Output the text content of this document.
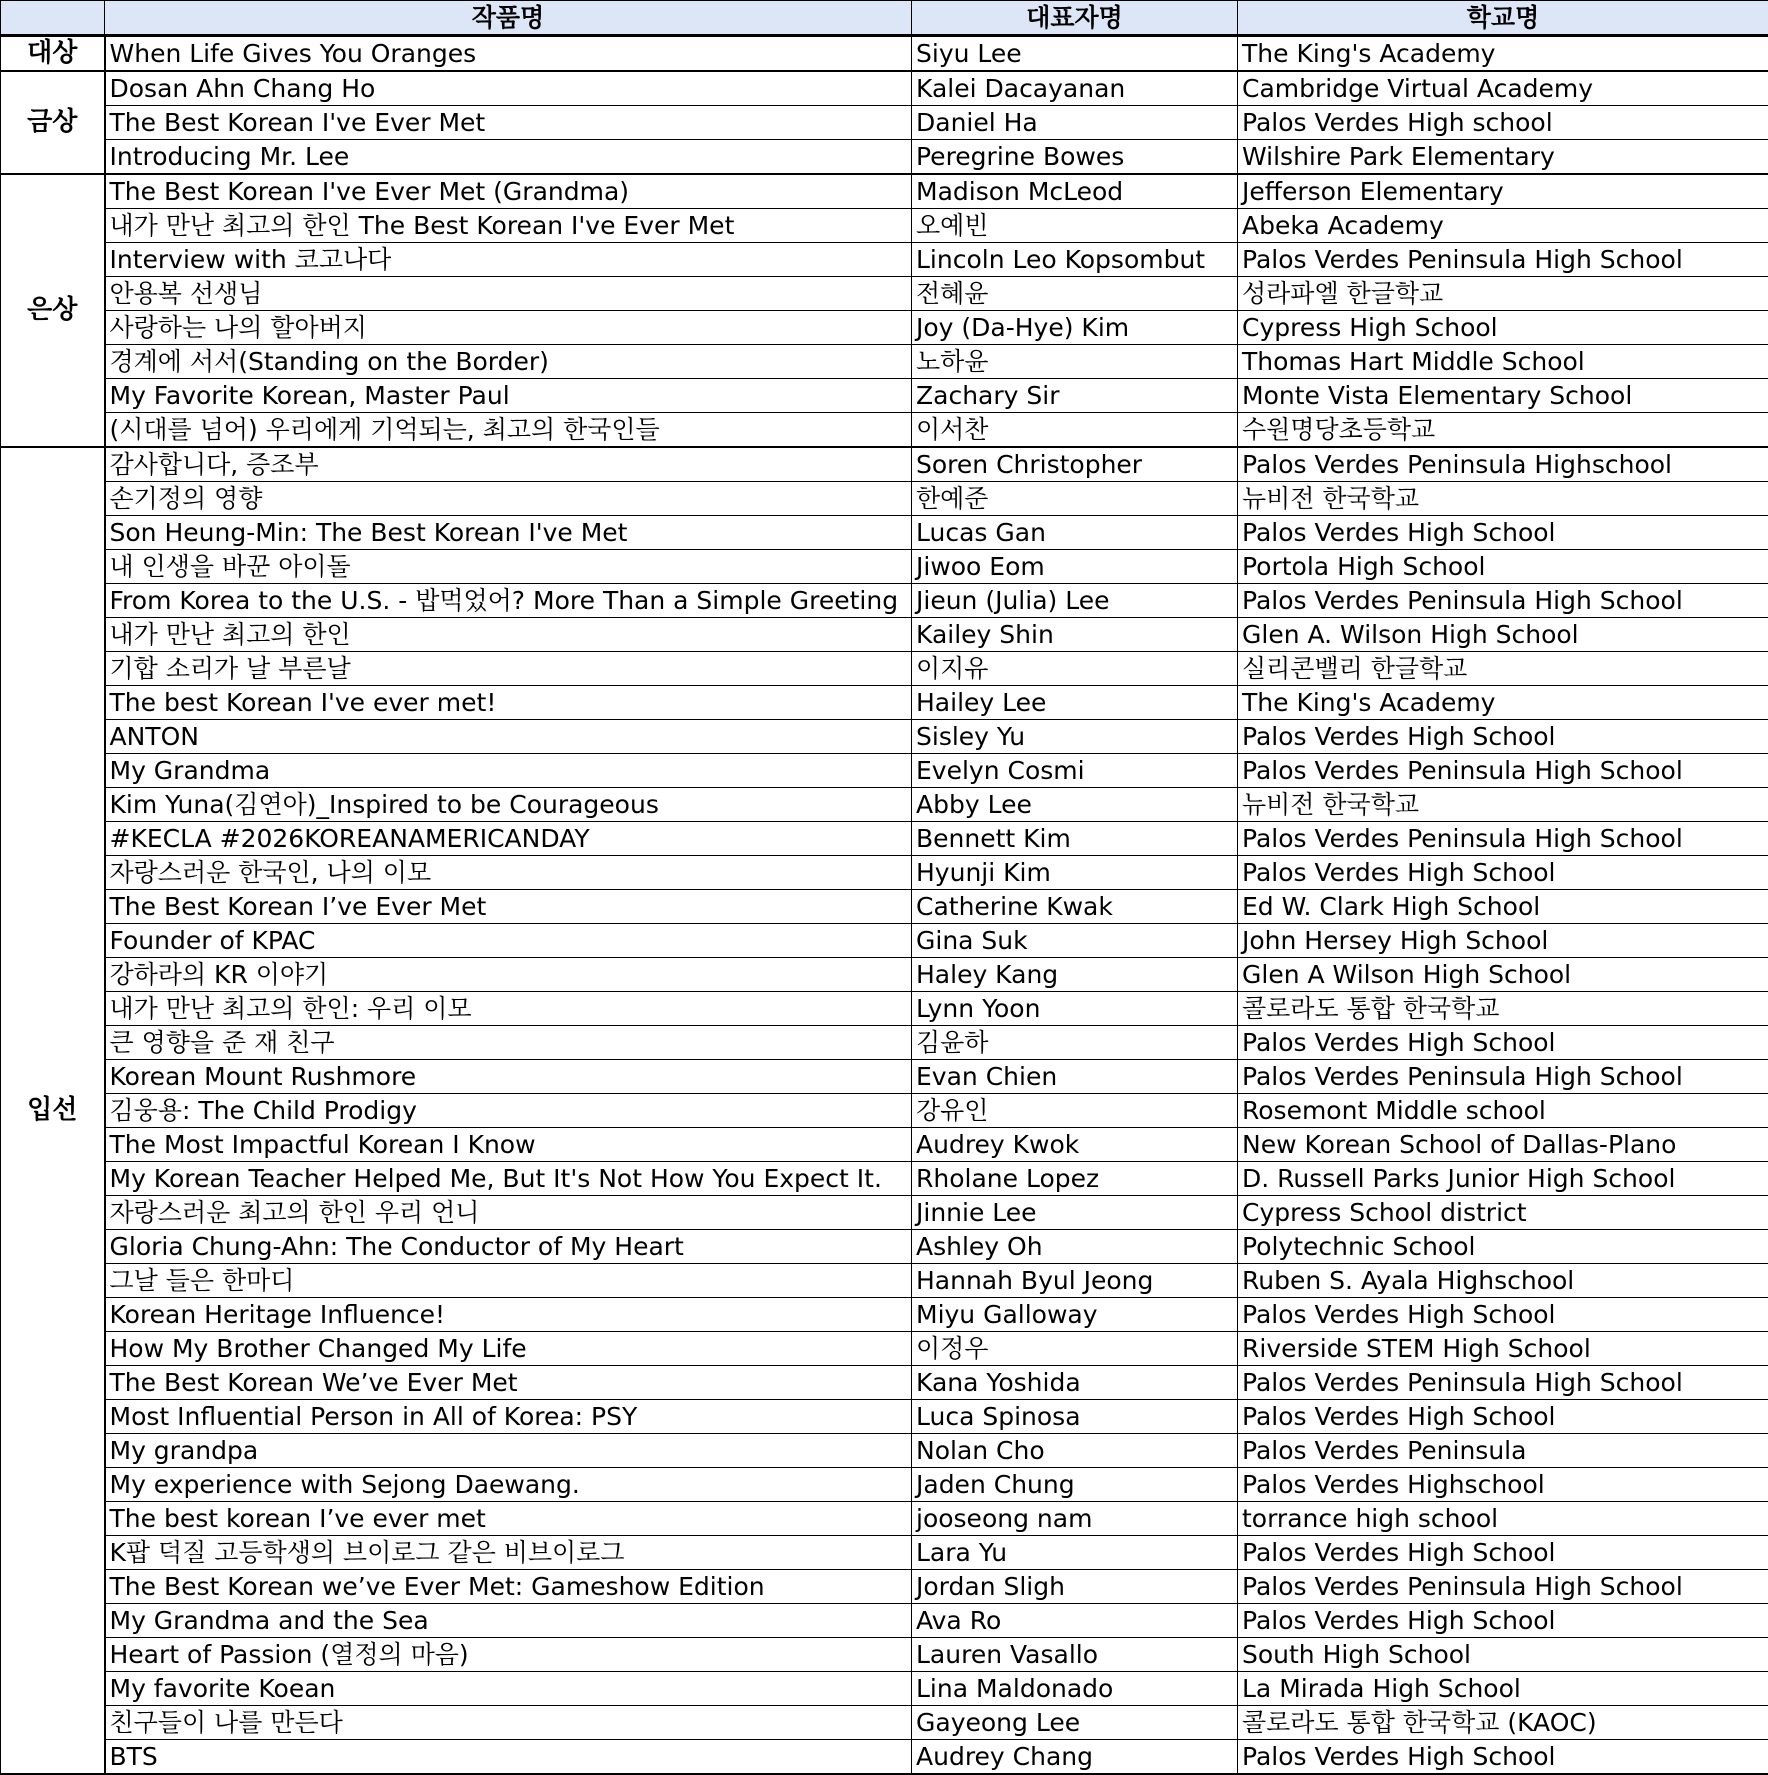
	작품명	대표자명	학교명
대상	When Life Gives You Oranges	Siyu Lee	The King's Academy
금상	Dosan Ahn Chang Ho	Kalei Dacayanan	Cambridge Virtual Academy
	The Best Korean I've Ever Met	Daniel Ha	Palos Verdes High school
	Introducing Mr. Lee	Peregrine Bowes	Wilshire Park Elementary
은상	The Best Korean I've Ever Met (Grandma)	Madison McLeod	Jefferson Elementary
	내가 만난 최고의 한인 The Best Korean I've Ever Met	오예빈	Abeka Academy
	Interview with 코고나다	Lincoln Leo Kopsombut	Palos Verdes Peninsula High School
	안용복 선생님	전혜윤	성라파엘 한글학교
	사랑하는 나의 할아버지	Joy (Da-Hye) Kim	Cypress High School
	경계에 서서(Standing on the Border)	노하윤	Thomas Hart Middle School
	My Favorite Korean, Master Paul	Zachary Sir	Monte Vista Elementary School
	(시대를 넘어) 우리에게 기억되는, 최고의 한국인들	이서찬	수원명당초등학교
입선	감사합니다, 증조부	Soren Christopher	Palos Verdes Peninsula Highschool
	손기정의 영향	한예준	뉴비전 한국학교
	Son Heung-Min: The Best Korean I've Met	Lucas Gan	Palos Verdes High School
	내 인생을 바꾼 아이돌	Jiwoo Eom	Portola High School
	From Korea to the U.S. - 밥먹었어? More Than a Simple Greeting	Jieun (Julia) Lee	Palos Verdes Peninsula High School
	내가 만난 최고의 한인	Kailey Shin	Glen A. Wilson High School
	기합 소리가 날 부른날	이지유	실리콘밸리 한글학교
	The best Korean I've ever met!	Hailey Lee	The King's Academy
	ANTON	Sisley Yu	Palos Verdes High School
	My Grandma	Evelyn Cosmi	Palos Verdes Peninsula High School
	Kim Yuna(김연아)_Inspired to be Courageous	Abby Lee	뉴비전 한국학교
	#KECLA #2026KOREANAMERICANDAY	Bennett Kim	Palos Verdes Peninsula High School
	자랑스러운 한국인, 나의 이모	Hyunji Kim	Palos Verdes High School
	The Best Korean I’ve Ever Met	Catherine Kwak	Ed W. Clark High School
	Founder of KPAC	Gina Suk	John Hersey High School
	강하라의 KR 이야기	Haley Kang	Glen A Wilson High School
	내가 만난 최고의 한인: 우리 이모	Lynn Yoon	콜로라도 통합 한국학교
	큰 영향을 준 재 친구	김윤하	Palos Verdes High School
	Korean Mount Rushmore	Evan Chien	Palos Verdes Peninsula High School
	김웅용: The Child Prodigy	강유인	Rosemont Middle school
	The Most Impactful Korean I Know	Audrey Kwok	New Korean School of Dallas-Plano
	My Korean Teacher Helped Me, But It's Not How You Expect It.	Rholane Lopez	D. Russell Parks Junior High School
	자랑스러운 최고의 한인 우리 언니	Jinnie Lee	Cypress School district
	Gloria Chung-Ahn: The Conductor of My Heart	Ashley Oh	Polytechnic School
	그날 들은 한마디	Hannah Byul Jeong	Ruben S. Ayala Highschool
	Korean Heritage Influence!	Miyu Galloway	Palos Verdes High School
	How My Brother Changed My Life	이정우	Riverside STEM High School
	The Best Korean We’ve Ever Met	Kana Yoshida	Palos Verdes Peninsula High School
	Most Influential Person in All of Korea: PSY	Luca Spinosa	Palos Verdes High School
	My grandpa	Nolan Cho	Palos Verdes Peninsula
	My experience with Sejong Daewang.	Jaden Chung	Palos Verdes Highschool
	The best korean I’ve ever met	jooseong nam	torrance high school
	K팝 덕질 고등학생의 브이로그 같은 비브이로그	Lara Yu	Palos Verdes High School
	The Best Korean we’ve Ever Met: Gameshow Edition	Jordan Sligh	Palos Verdes Peninsula High School
	My Grandma and the Sea	Ava Ro	Palos Verdes High School
	Heart of Passion (열정의 마음)	Lauren Vasallo	South High School
	My favorite Koean	Lina Maldonado	La Mirada High School
	친구들이 나를 만든다	Gayeong Lee	콜로라도 통합 한국학교 (KAOC)
	BTS	Audrey Chang	Palos Verdes High School
